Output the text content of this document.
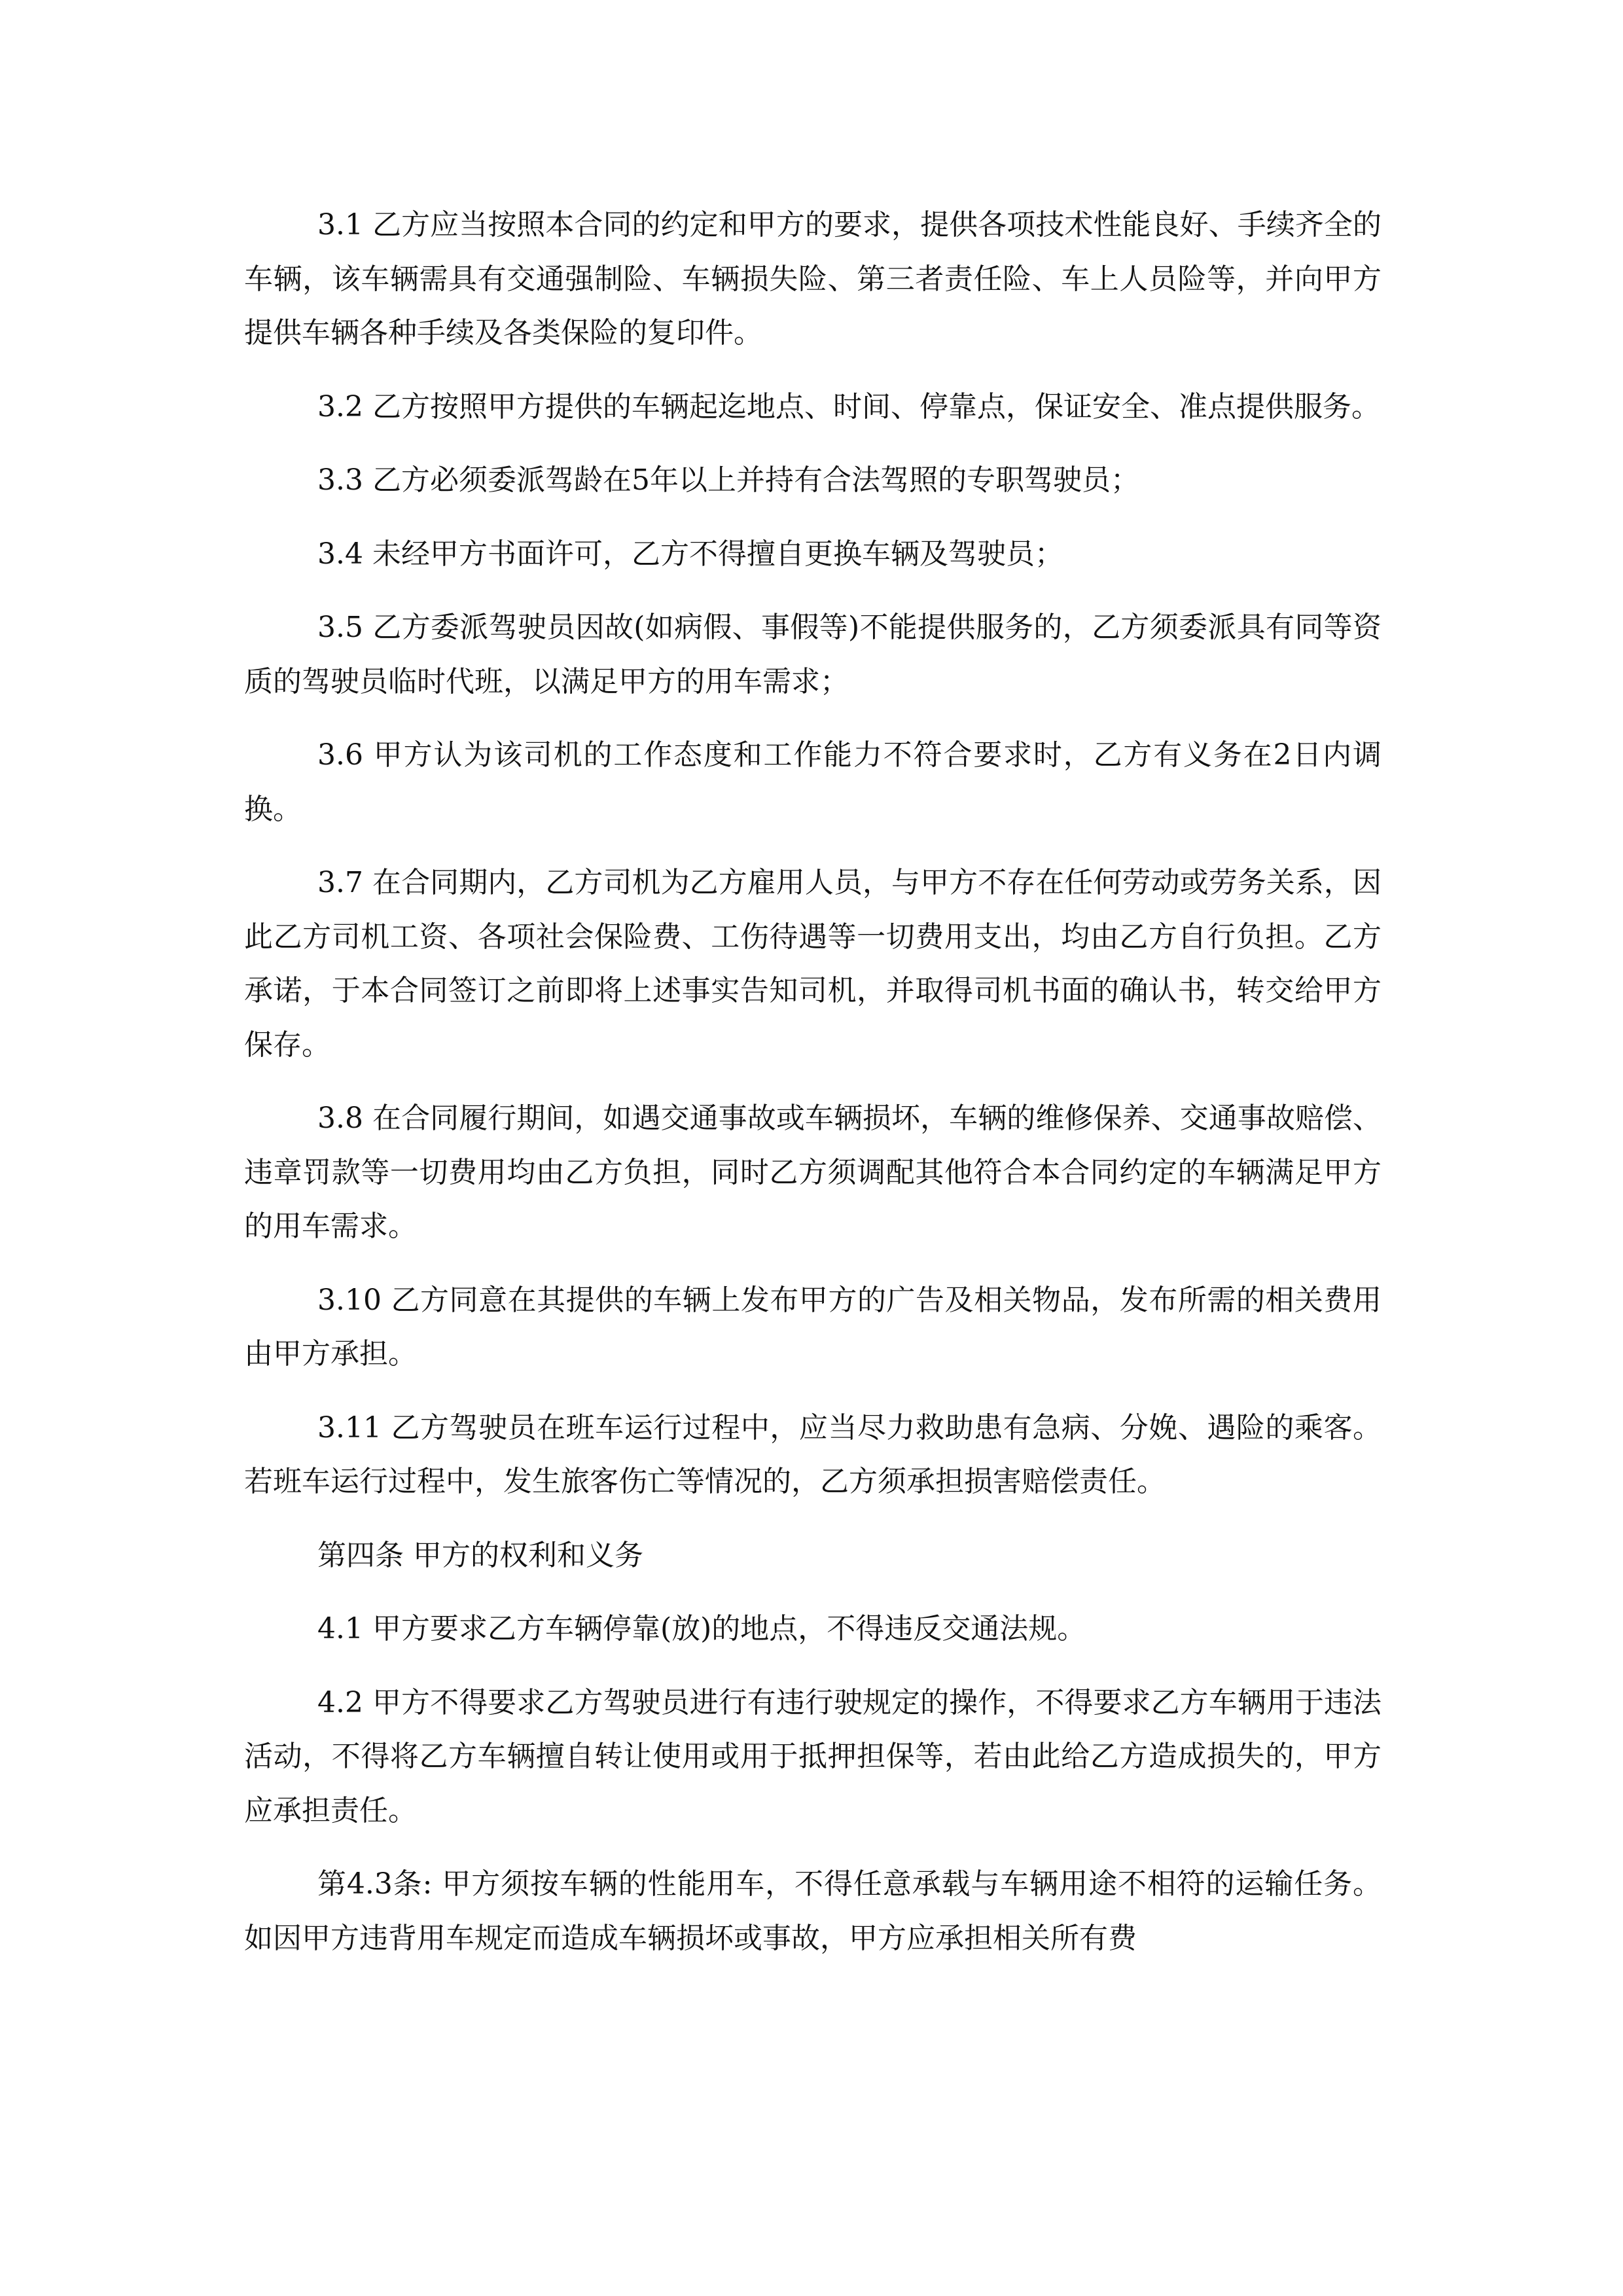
3.1 乙方应当按照本合同的约定和甲方的要求，提供各项技术性能良好、手续齐全的车辆，该车辆需具有交通强制险、车辆损失险、第三者责任险、车上人员险等，并向甲方提供车辆各种手续及各类保险的复印件。

3.2 乙方按照甲方提供的车辆起迄地点、时间、停靠点，保证安全、准点提供服务。

3.3 乙方必须委派驾龄在5年以上并持有合法驾照的专职驾驶员；

3.4 未经甲方书面许可，乙方不得擅自更换车辆及驾驶员；

3.5 乙方委派驾驶员因故(如病假、事假等)不能提供服务的，乙方须委派具有同等资质的驾驶员临时代班，以满足甲方的用车需求；

3.6 甲方认为该司机的工作态度和工作能力不符合要求时，乙方有义务在2日内调换。

3.7 在合同期内，乙方司机为乙方雇用人员，与甲方不存在任何劳动或劳务关系，因此乙方司机工资、各项社会保险费、工伤待遇等一切费用支出，均由乙方自行负担。乙方承诺，于本合同签订之前即将上述事实告知司机，并取得司机书面的确认书，转交给甲方保存。

3.8 在合同履行期间，如遇交通事故或车辆损坏，车辆的维修保养、交通事故赔偿、违章罚款等一切费用均由乙方负担，同时乙方须调配其他符合本合同约定的车辆满足甲方的用车需求。

3.10 乙方同意在其提供的车辆上发布甲方的广告及相关物品，发布所需的相关费用由甲方承担。

3.11 乙方驾驶员在班车运行过程中，应当尽力救助患有急病、分娩、遇险的乘客。若班车运行过程中，发生旅客伤亡等情况的，乙方须承担损害赔偿责任。

第四条 甲方的权利和义务

4.1 甲方要求乙方车辆停靠(放)的地点，不得违反交通法规。

4.2 甲方不得要求乙方驾驶员进行有违行驶规定的操作，不得要求乙方车辆用于违法活动，不得将乙方车辆擅自转让使用或用于抵押担保等，若由此给乙方造成损失的，甲方应承担责任。

第4.3条: 甲方须按车辆的性能用车，不得任意承载与车辆用途不相符的运输任务。如因甲方违背用车规定而造成车辆损坏或事故，甲方应承担相关所有费
